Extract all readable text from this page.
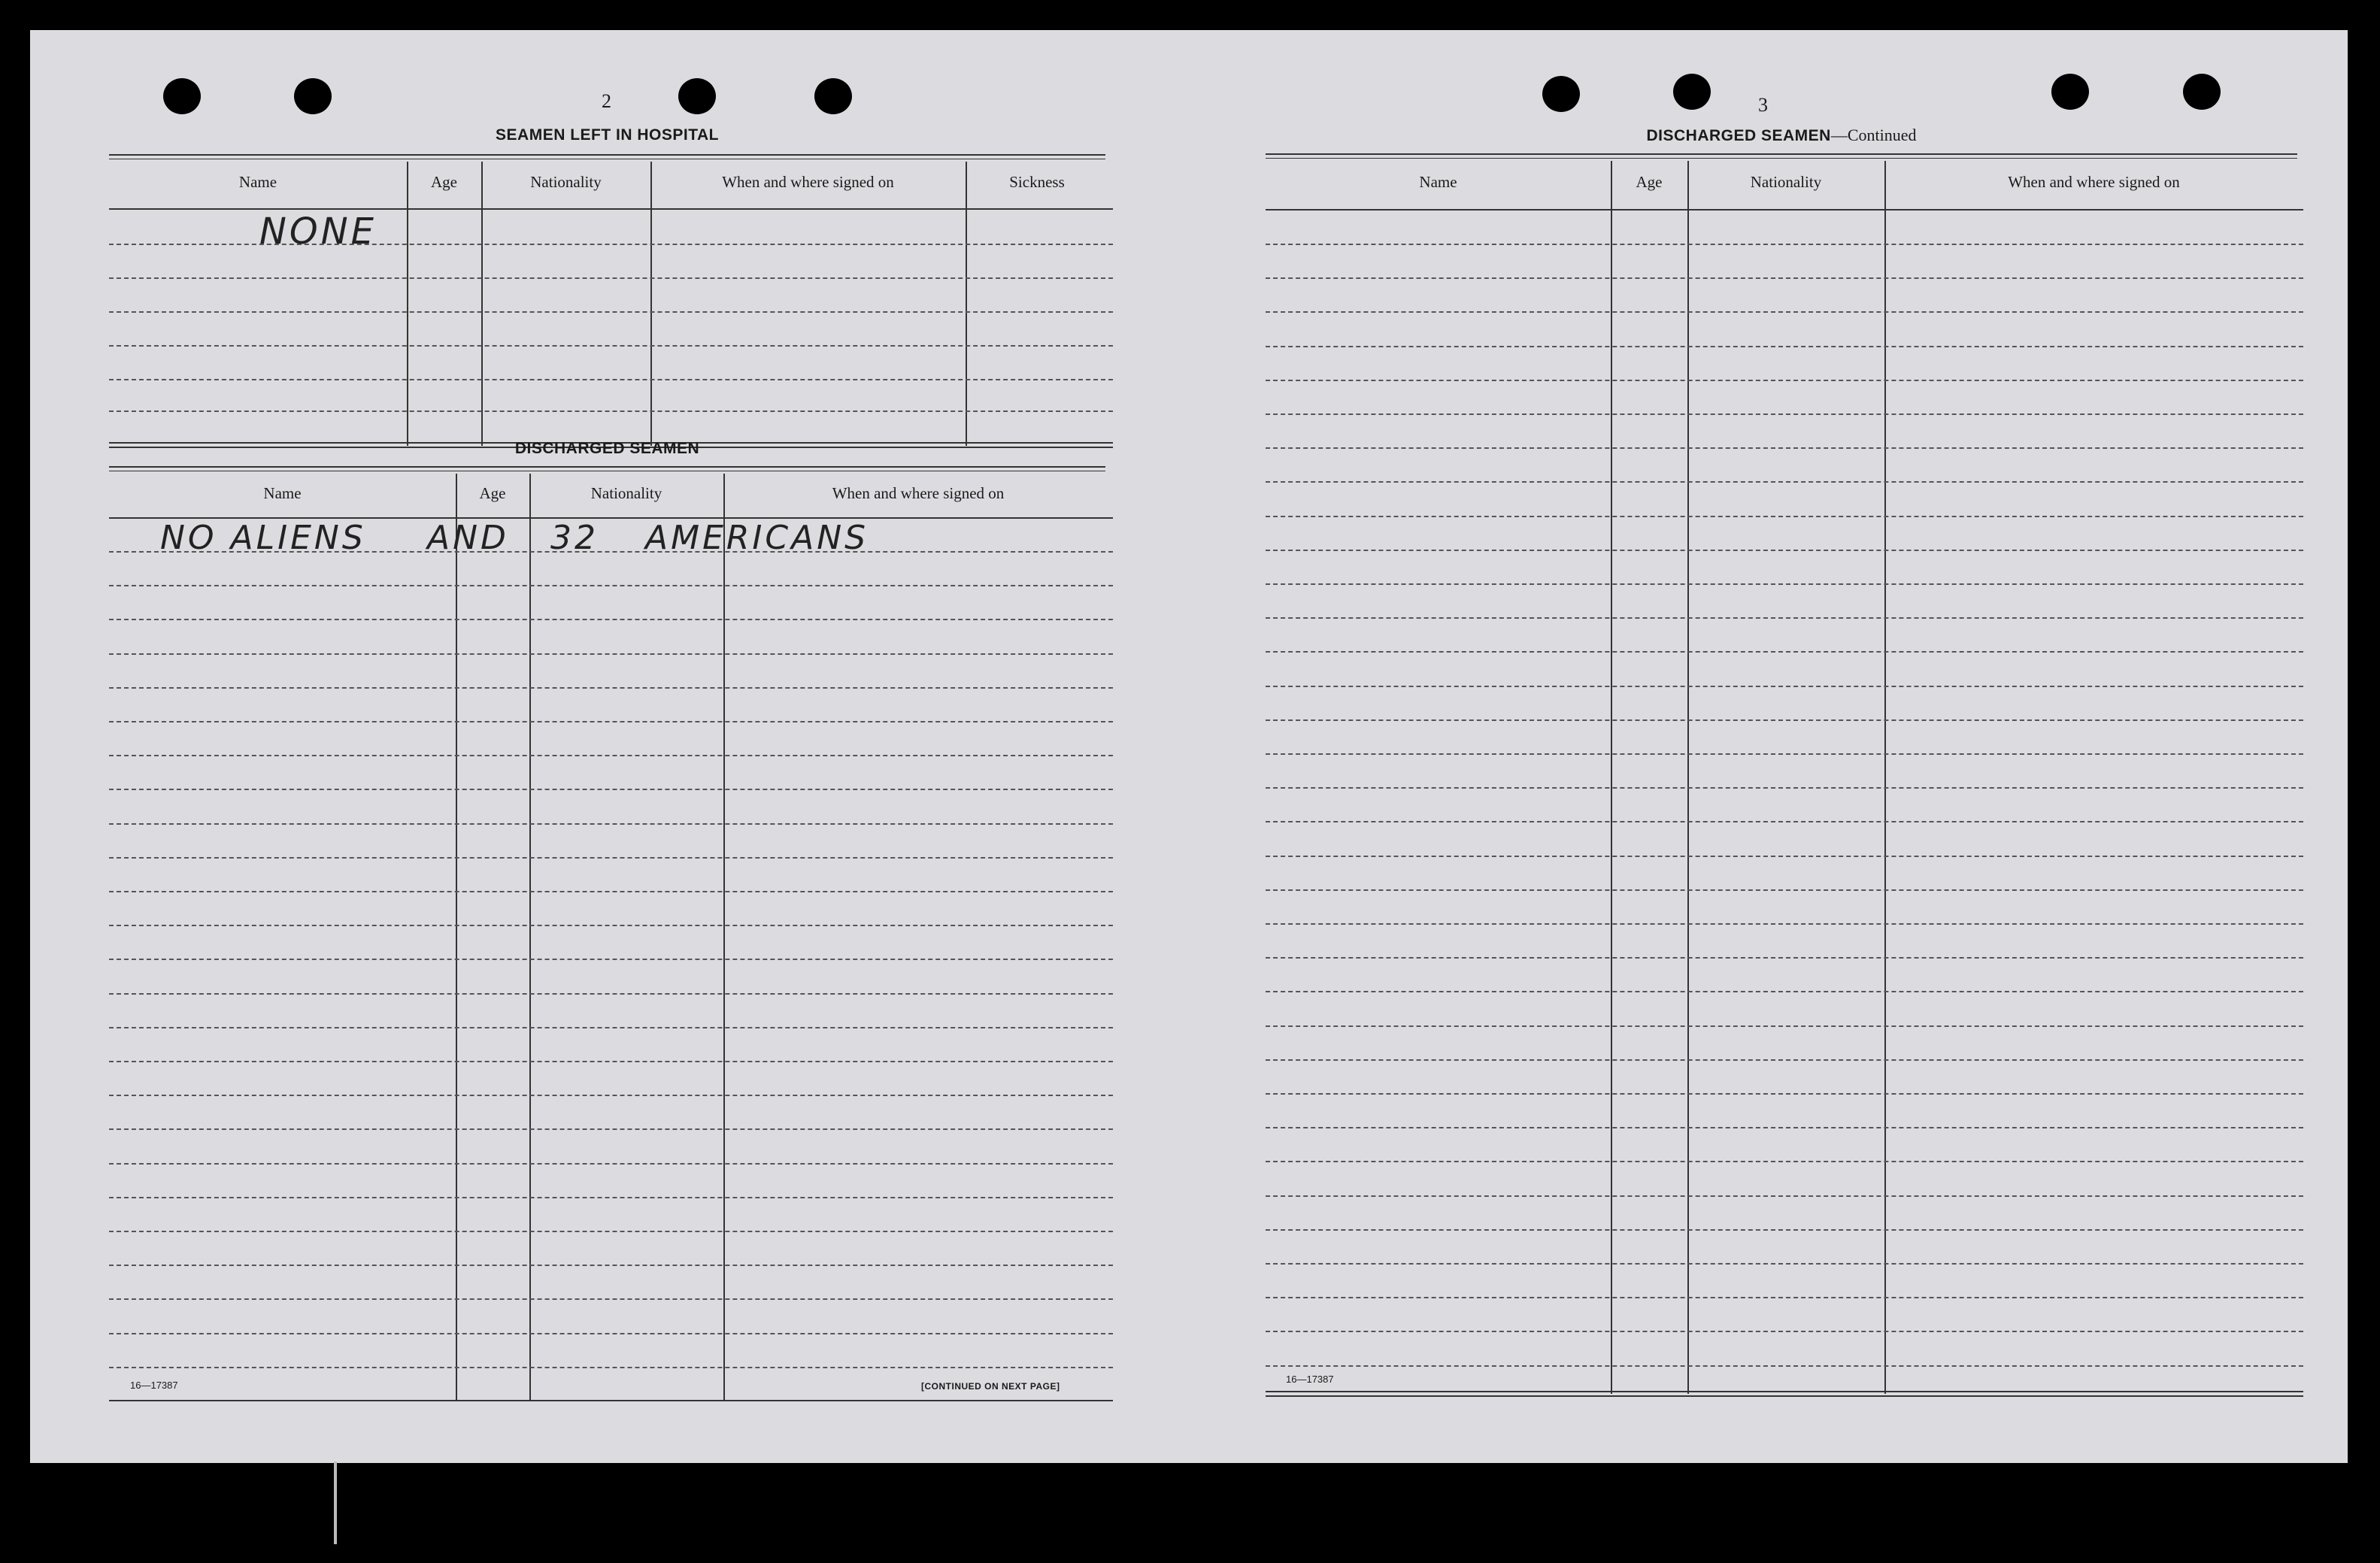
2
SEAMEN LEFT IN HOSPITAL
Name	Age	Nationality	When and where signed on	Sickness
NONE
DISCHARGED SEAMEN
Name	Age	Nationality	When and where signed on
NO ALIENS AND 32 AMERICANS
16—17387	[CONTINUED ON NEXT PAGE]
3
DISCHARGED SEAMEN—Continued
Name	Age	Nationality	When and where signed on
16—17387
